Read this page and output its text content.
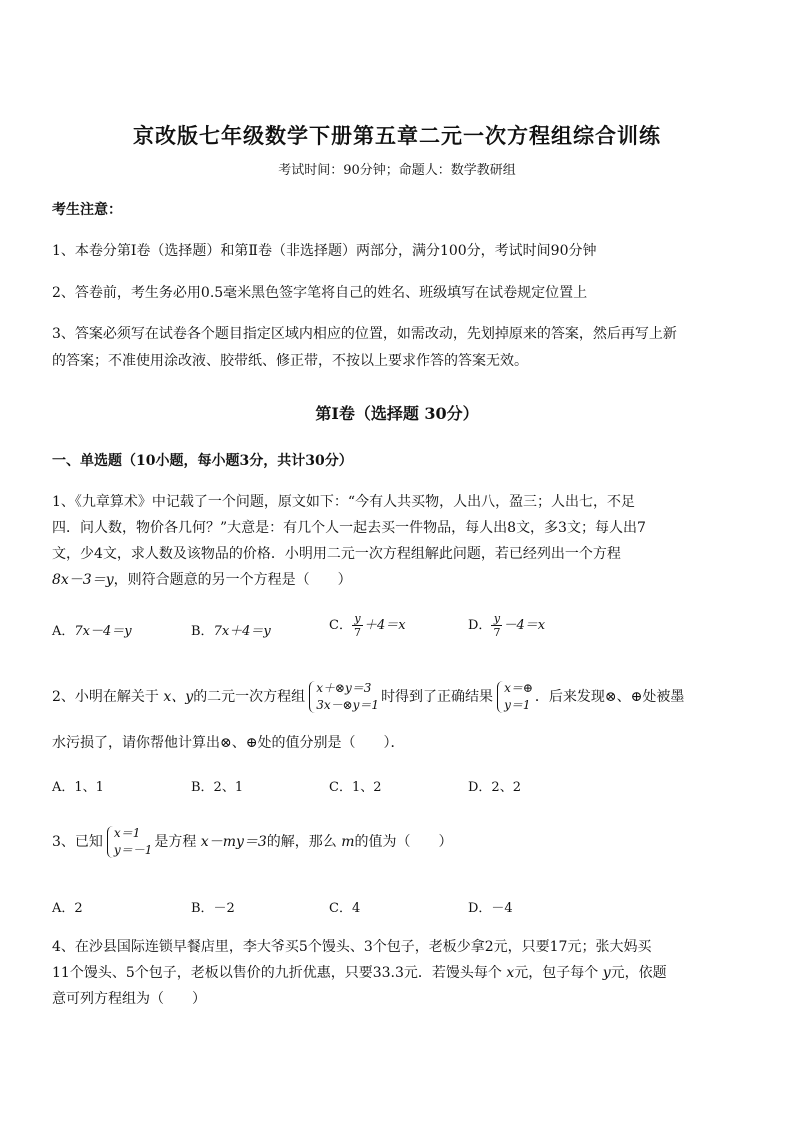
京改版七年级数学下册第五章二元一次方程组综合训练
考试时间：90分钟；命题人：数学教研组
考生注意：
1、本卷分第Ⅰ卷（选择题）和第Ⅱ卷（非选择题）两部分，满分100分，考试时间90分钟
2、答卷前，考生务必用0.5毫米黑色签字笔将自己的姓名、班级填写在试卷规定位置上
3、答案必须写在试卷各个题目指定区域内相应的位置，如需改动，先划掉原来的答案，然后再写上新
的答案；不准使用涂改液、胶带纸、修正带，不按以上要求作答的答案无效。
第Ⅰ卷（选择题 30分）
一、单选题（10小题，每小题3分，共计30分）
1、《九章算术》中记载了一个问题，原文如下：“今有人共买物，人出八，盈三；人出七，不足
四．问人数，物价各几何？”大意是：有几个人一起去买一件物品，每人出8文，多3文；每人出7
文，少4文，求人数及该物品的价格．小明用二元一次方程组解此问题，若已经列出一个方程
8x－3＝y，则符合题意的另一个方程是（　　）
A．7x－4＝y	B．7x＋4＝y	C． $\frac{y}{7} +4=x$	D． $\frac{y}{7} -4=x$
2、小明在解关于 x、y的二元一次方程组
x＋⊗y＝3
3x－⊗y＝1 时得到了正确结果
x＝⊕
y＝1 ．后来发现⊗、⊕处被墨
水污损了，请你帮他计算出⊗、⊕处的值分别是（　　）．
A．1、1	B．2、1	C．1、2	D．2、2
3、已知
x＝1
y＝－1 是方程 x－my＝3的解，那么 m的值为（　　）
A．2	B．－2	C．4	D．－4
4、在沙县国际连锁早餐店里，李大爷买5个馒头、3个包子，老板少拿2元，只要17元；张大妈买
11个馒头、5个包子，老板以售价的九折优惠，只要33.3元．若馒头每个 x元，包子每个 y元，依题
意可列方程组为（　　）
